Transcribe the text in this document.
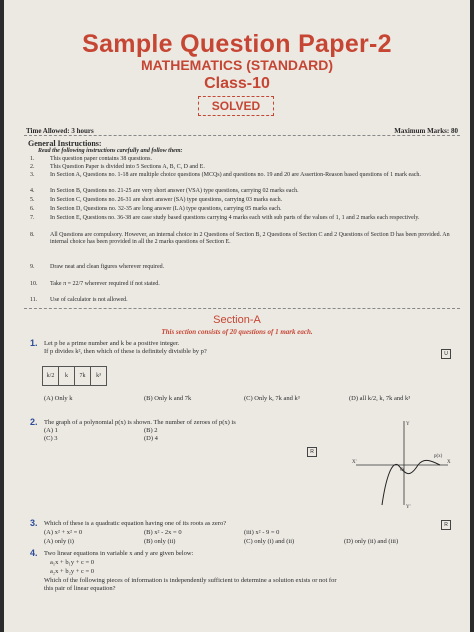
Sample Question Paper-2
MATHEMATICS (STANDARD)
Class-10
SOLVED
Time Allowed: 3 hours	Maximum Marks: 80
General Instructions:
Read the following instructions carefully and follow them:
1.	This question paper contains 38 questions.
2.	This Question Paper is divided into 5 Sections A, B, C, D and E.
3.	In Section A, Questions no. 1-18 are multiple choice questions (MCQs) and questions no. 19 and 20 are Assertion-Reason based questions of 1 mark each.
4.	In Section B, Questions no. 21-25 are very short answer (VSA) type questions, carrying 02 marks each.
5.	In Section C, Questions no. 26-31 are short answer (SA) type questions, carrying 03 marks each.
6.	In Section D, Questions no. 32-35 are long answer (LA) type questions, carrying 05 marks each.
7.	In Section E, Questions no. 36-38 are case study based questions carrying 4 marks each with sub parts of the values of 1, 1 and 2 marks each respectively.
8.	All Questions are compulsory. However, an internal choice in 2 Questions of Section B, 2 Questions of Section C and 2 Questions of Section D has been provided. An internal choice has been provided in all the 2 marks questions of Section E.
9.	Draw neat and clean figures wherever required.
10.	Take π = 22/7 wherever required if not stated.
11.	Use of calculator is not allowed.
Section-A
This section consists of 20 questions of 1 mark each.
1. Let p be a prime number and k be a positive integer.
If p divides k², then which of these is definitely divisible by p?	U
k/2	k	7k	k³
(A) Only k	(B) Only k and 7k	(C) Only k, 7k and k³	(D) all k/2, k, 7k and k³
2. The graph of a polynomial p(x) is shown. The number of zeroes of p(x) is
(A) 1	(B) 2
(C) 3	(D) 4
R
X'	X
Y
Y'
O
p(x)
3. Which of these is a quadratic equation having one of its roots as zero?	R
(A) x² + x² = 0	(B) x² - 2x = 0	(iii) x² - 9 = 0
(A) only (i)	(B) only (ii)	(C) only (i) and (ii)	(D) only (ii) and (iii)
4. Two linear equations in variable x and y are given below:
a₁x + b₁y + c = 0
a₂x + b₂y + c = 0
Which of the following pieces of information is independently sufficient to determine a solution exists or not for
this pair of linear equation?
